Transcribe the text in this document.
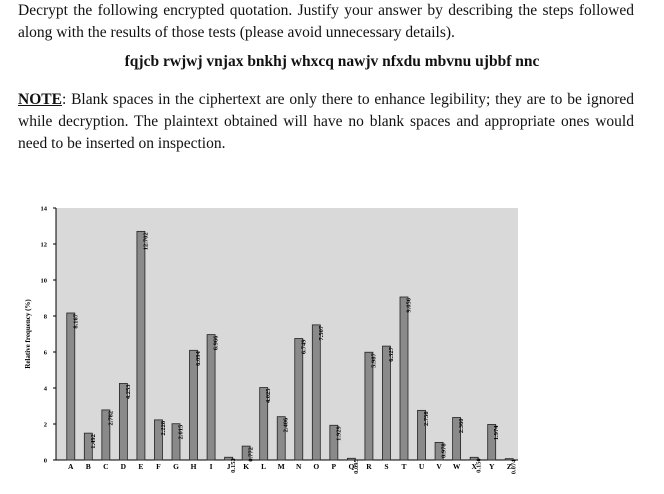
Decrypt the following encrypted quotation. Justify your answer by describing the steps followed along with the results of those tests (please avoid unnecessary details).

fqjcb rwjwj vnjax bnkhj whxcq nawjv nfxdu mbvnu ujbbf nnc

NOTE: Blank spaces in the ciphertext are only there to enhance legibility; they are to be ignored while decryption. The plaintext obtained will have no blank spaces and appropriate ones would need to be inserted on inspection.

0
2
4
6
8
10
12
14
Relative frequency (%)	8.167
A
1.492
B
2.782
C
4.253
D
12.702
E
2.228
F
2.015
G
6.094
H
6.966
I	0.153
J
0.772
K
4.025
L
2.406
M
6.749
N
7.507
O
1.929
P	0.095
Q
5.987
R
6.327
S
9.056
T
2.758
U
0.978
V
2.360
W 0.150
X
1.974
Y	0.074
Z
